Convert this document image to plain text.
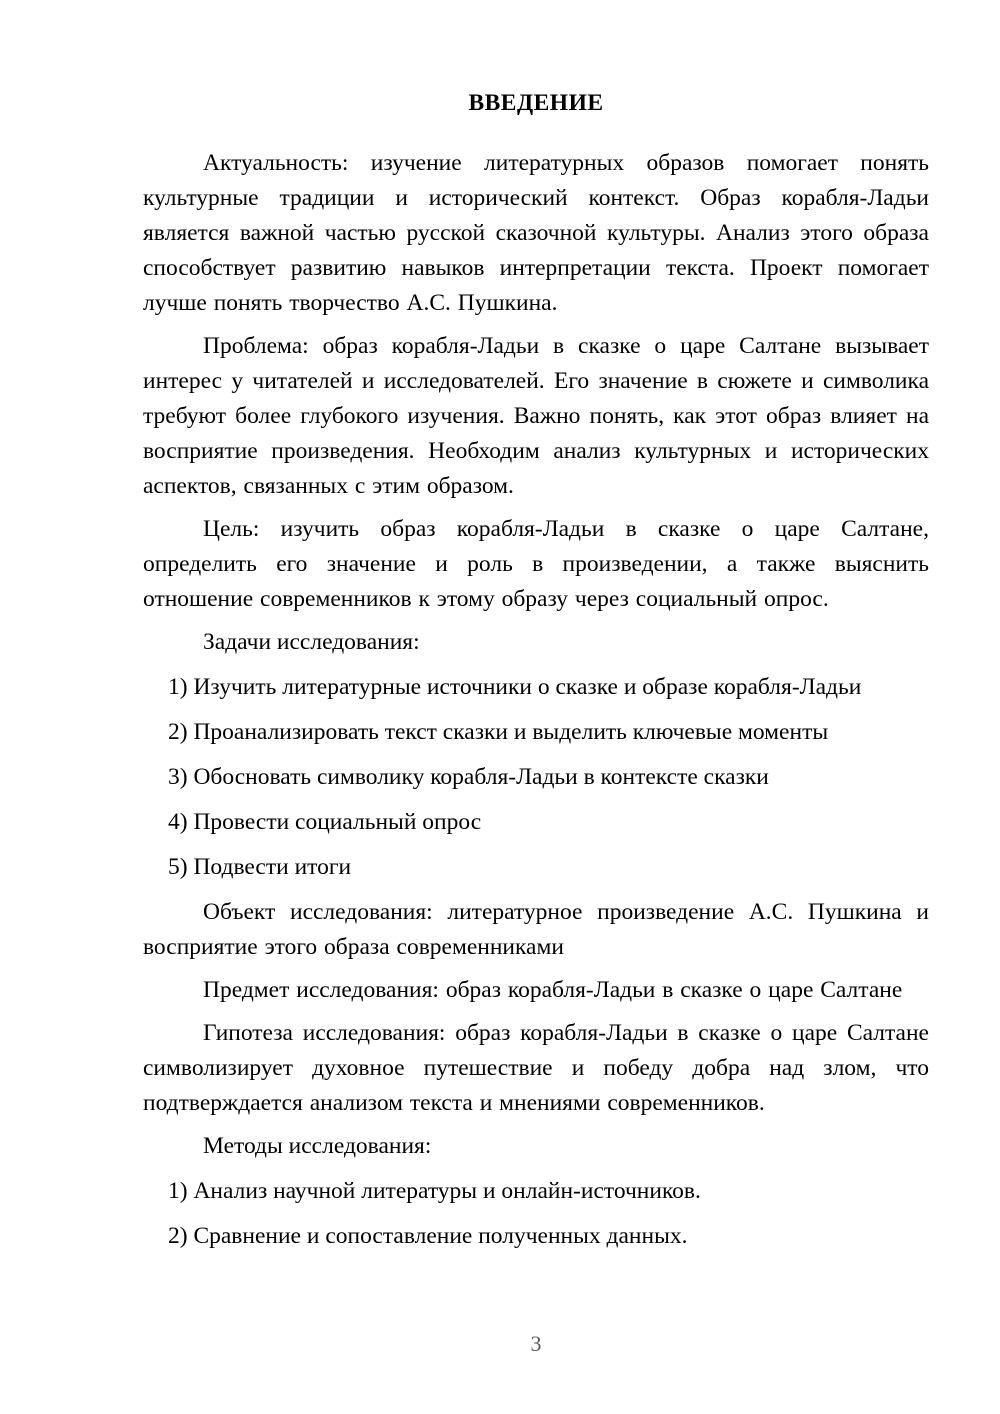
ВВЕДЕНИЕ

Актуальность: изучение литературных образов помогает понять культурные традиции и исторический контекст. Образ корабля-Ладьи является важной частью русской сказочной культуры. Анализ этого образа способствует развитию навыков интерпретации текста. Проект помогает лучше понять творчество А.С. Пушкина.

Проблема: образ корабля-Ладьи в сказке о царе Салтане вызывает интерес у читателей и исследователей. Его значение в сюжете и символика требуют более глубокого изучения. Важно понять, как этот образ влияет на восприятие произведения. Необходим анализ культурных и исторических аспектов, связанных с этим образом.

Цель: изучить образ корабля-Ладьи в сказке о царе Салтане, определить его значение и роль в произведении, а также выяснить отношение современников к этому образу через социальный опрос.

Задачи исследования:

1) Изучить литературные источники о сказке и образе корабля-Ладьи
2) Проанализировать текст сказки и выделить ключевые моменты
3) Обосновать символику корабля-Ладьи в контексте сказки
4) Провести социальный опрос
5) Подвести итоги

Объект исследования: литературное произведение А.С. Пушкина и восприятие этого образа современниками

Предмет исследования: образ корабля-Ладьи в сказке о царе Салтане

Гипотеза исследования: образ корабля-Ладьи в сказке о царе Салтане символизирует духовное путешествие и победу добра над злом, что подтверждается анализом текста и мнениями современников.

Методы исследования:

1) Анализ научной литературы и онлайн-источников.
2) Сравнение и сопоставление полученных данных.
3
